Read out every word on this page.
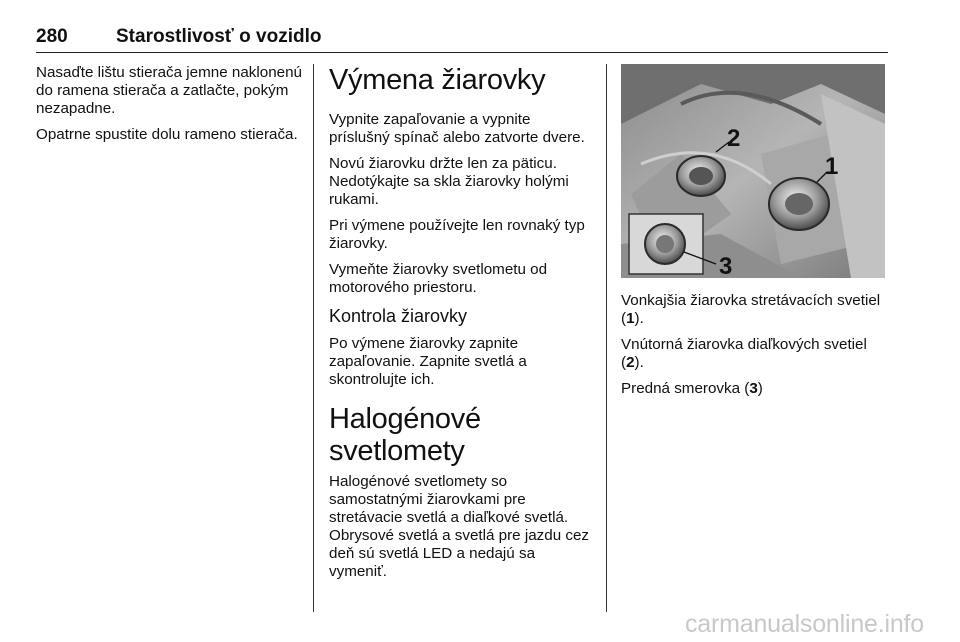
280	Starostlivosť o vozidlo

Nasaďte lištu stierača jemne naklonenú do ramena stierača a zatlačte, pokým nezapadne.

Opatrne spustite dolu rameno stierača.

Výmena žiarovky

Vypnite zapaľovanie a vypnite príslušný spínač alebo zatvorte dvere.

Novú žiarovku držte len za päticu. Nedotýkajte sa skla žiarovky holými rukami.

Pri výmene používejte len rovnaký typ žiarovky.

Vymeňte žiarovky svetlometu od motorového priestoru.

Kontrola žiarovky

Po výmene žiarovky zapnite zapaľovanie. Zapnite svetlá a skontrolujte ich.

Halogénové svetlomety

Halogénové svetlomety so samostatnými žiarovkami pre stretávacie svetlá a diaľkové svetlá. Obrysové svetlá a svetlá pre jazdu cez deň sú svetlá LED a nedajú sa vymeniť.

2
1
3

Vonkajšia žiarovka stretávacích svetiel (1).

Vnútorná žiarovka diaľkových svetiel (2).

Predná smerovka (3)

carmanualsonline.info
